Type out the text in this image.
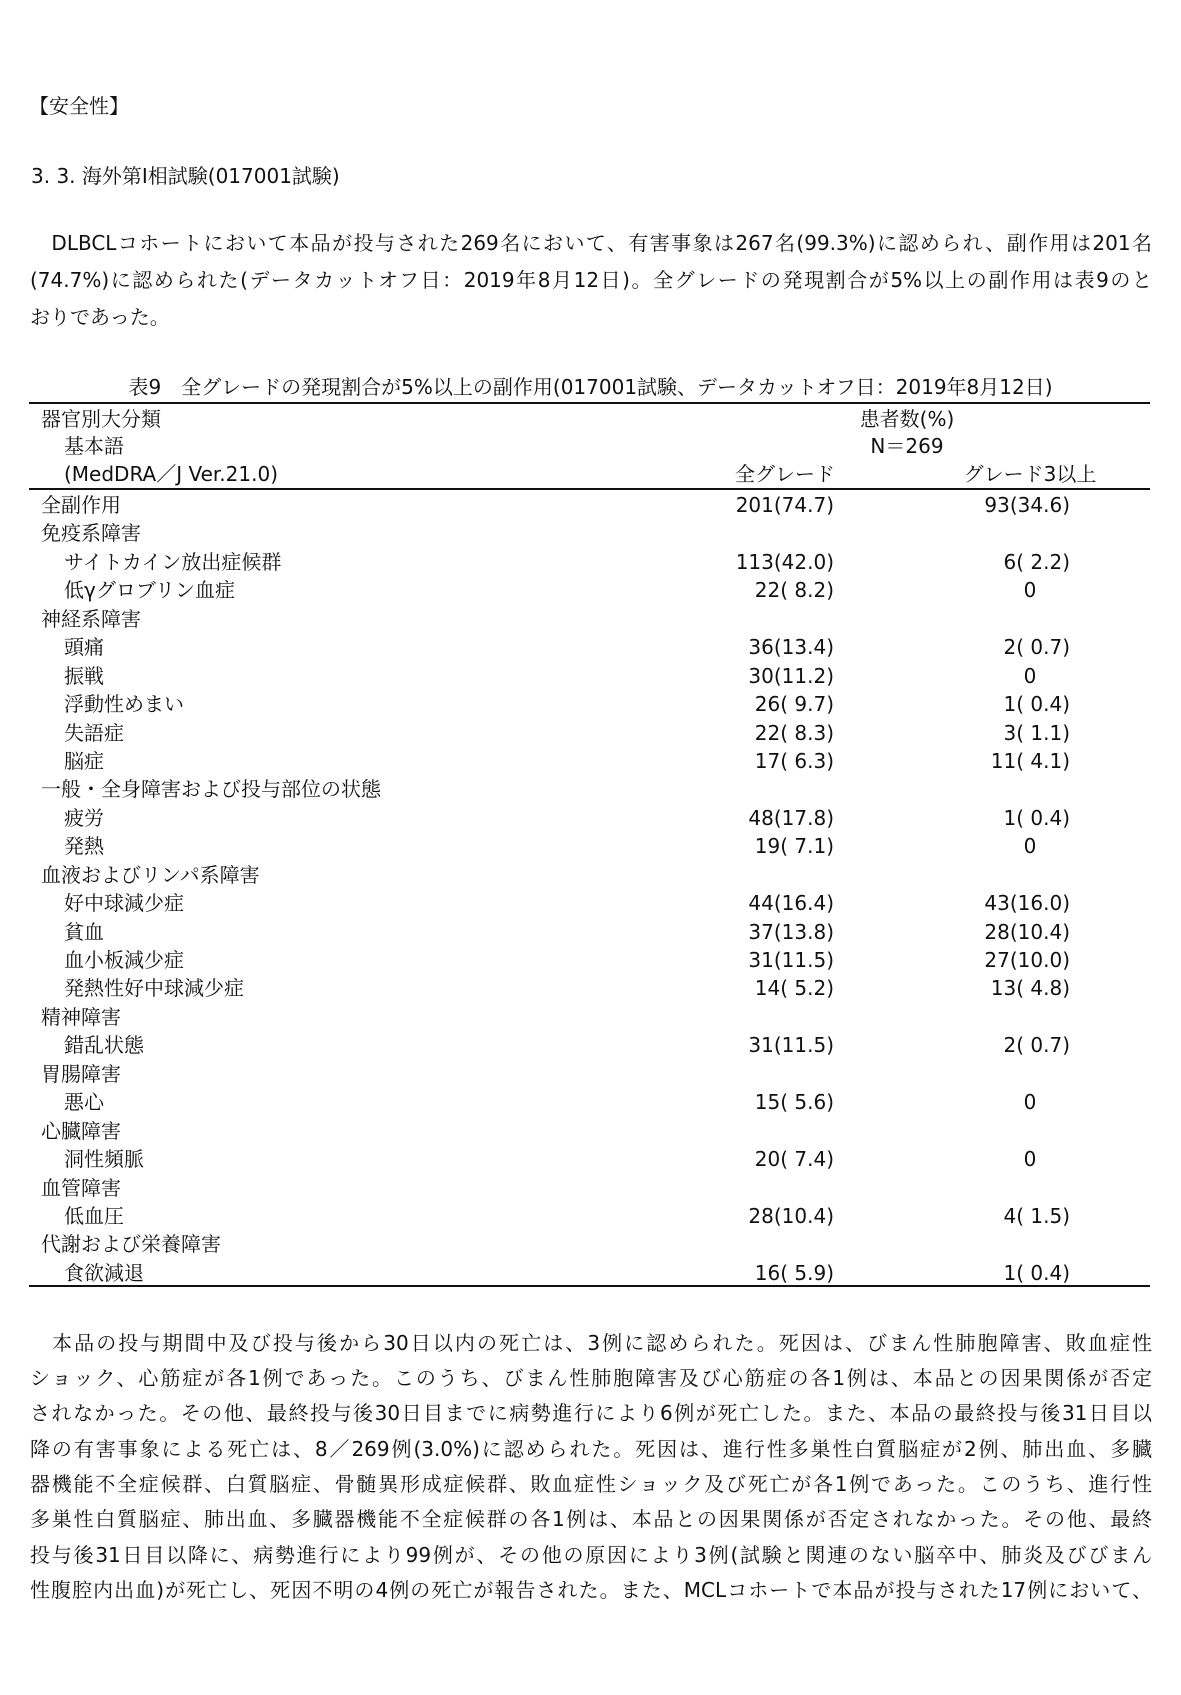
【安全性】
3. 3. 海外第Ⅰ相試験(017001試験)
　DLBCLコホートにおいて本品が投与された269名において、有害事象は267名(99.3%)に認められ、副作用は201名
(74.7%)に認められた(データカットオフ日：2019年8月12日)。全グレードの発現割合が5%以上の副作用は表9のと
おりであった。
表9　全グレードの発現割合が5%以上の副作用(017001試験、データカットオフ日：2019年8月12日)
器官別大分類
基本語
(MedDRA／J Ver.21.0)
患者数(%)
N＝269
全グレード	グレード3以上
全副作用	201(74.7)	93(34.6)
免疫系障害
サイトカイン放出症候群	113(42.0)	6( 2.2)
低γグロブリン血症	22( 8.2)	0
神経系障害
頭痛	36(13.4)	2( 0.7)
振戦	30(11.2)	0
浮動性めまい	26( 9.7)	1( 0.4)
失語症	22( 8.3)	3( 1.1)
脳症	17( 6.3)	11( 4.1)
一般・全身障害および投与部位の状態
疲労	48(17.8)	1( 0.4)
発熱	19( 7.1)	0
血液およびリンパ系障害
好中球減少症	44(16.4)	43(16.0)
貧血	37(13.8)	28(10.4)
血小板減少症	31(11.5)	27(10.0)
発熱性好中球減少症	14( 5.2)	13( 4.8)
精神障害
錯乱状態	31(11.5)	2( 0.7)
胃腸障害
悪心	15( 5.6)	0
心臓障害
洞性頻脈	20( 7.4)	0
血管障害
低血圧	28(10.4)	4( 1.5)
代謝および栄養障害
食欲減退	16( 5.9)	1( 0.4)
　本品の投与期間中及び投与後から30日以内の死亡は、3例に認められた。死因は、びまん性肺胞障害、敗血症性
ショック、心筋症が各1例であった。このうち、びまん性肺胞障害及び心筋症の各1例は、本品との因果関係が否定
されなかった。その他、最終投与後30日目までに病勢進行により6例が死亡した。また、本品の最終投与後31日目以
降の有害事象による死亡は、8／269例(3.0%)に認められた。死因は、進行性多巣性白質脳症が2例、肺出血、多臓
器機能不全症候群、白質脳症、骨髄異形成症候群、敗血症性ショック及び死亡が各1例であった。このうち、進行性
多巣性白質脳症、肺出血、多臓器機能不全症候群の各1例は、本品との因果関係が否定されなかった。その他、最終
投与後31日目以降に、病勢進行により99例が、その他の原因により3例(試験と関連のない脳卒中、肺炎及びびまん
性腹腔内出血)が死亡し、死因不明の4例の死亡が報告された。また、MCLコホートで本品が投与された17例において、
